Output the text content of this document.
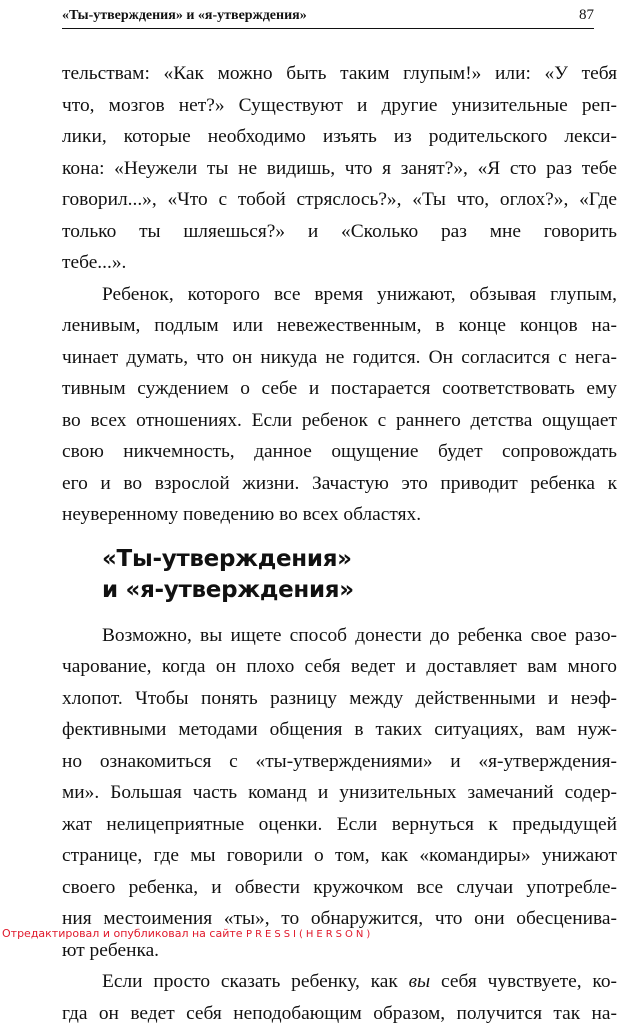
«Ты-утверждения» и «я-утверждения»	87
тельствам: «Как можно быть таким глупым!» или: «У тебя
что, мозгов нет?» Существуют и другие унизительные реп-
лики, которые необходимо изъять из родительского лекси-
кона: «Неужели ты не видишь, что я занят?», «Я сто раз тебе
говорил...», «Что с тобой стряслось?», «Ты что, оглох?», «Где
только ты шляешься?» и «Сколько раз мне говорить
тебе...».
Ребенок, которого все время унижают, обзывая глупым,
ленивым, подлым или невежественным, в конце концов на-
чинает думать, что он никуда не годится. Он согласится с нега-
тивным суждением о себе и постарается соответствовать ему
во всех отношениях. Если ребенок с раннего детства ощущает
свою никчемность, данное ощущение будет сопровождать
его и во взрослой жизни. Зачастую это приводит ребенка к
неуверенному поведению во всех областях.
«Ты-утверждения»
и «я-утверждения»
Возможно, вы ищете способ донести до ребенка свое разо-
чарование, когда он плохо себя ведет и доставляет вам много
хлопот. Чтобы понять разницу между действенными и неэф-
фективными методами общения в таких ситуациях, вам нуж-
но ознакомиться с «ты-утверждениями» и «я-утверждения-
ми». Большая часть команд и унизительных замечаний содер-
жат нелицеприятные оценки. Если вернуться к предыдущей
странице, где мы говорили о том, как «командиры» унижают
своего ребенка, и обвести кружочком все случаи употребле-
ния местоимения «ты», то обнаружится, что они обесценива-
ют ребенка.
Если просто сказать ребенку, как вы себя чувствуете, ко-
гда он ведет себя неподобающим образом, получится так на-
Отредактировал и опубликовал на сайте PRESSI(HERSON)
